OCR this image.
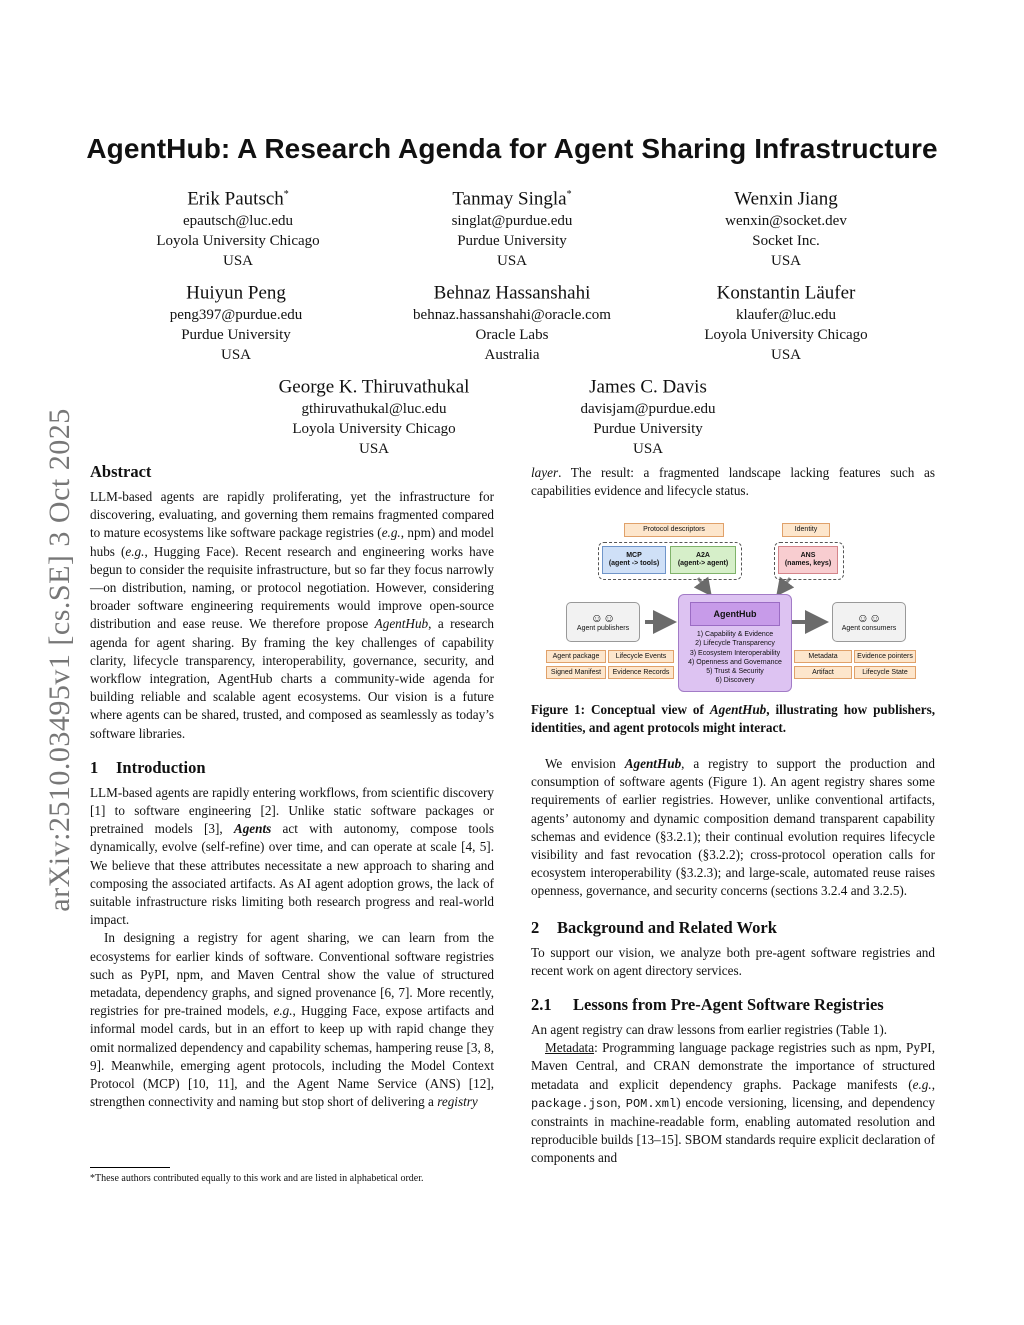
arXiv:2510.03495v1 [cs.SE] 3 Oct 2025
AgentHub: A Research Agenda for Agent Sharing Infrastructure
Erik Pautsch*
epautsch@luc.edu
Loyola University Chicago
USA
Tanmay Singla*
singlat@purdue.edu
Purdue University
USA
Wenxin Jiang
wenxin@socket.dev
Socket Inc.
USA
Huiyun Peng
peng397@purdue.edu
Purdue University
USA
Behnaz Hassanshahi
behnaz.hassanshahi@oracle.com
Oracle Labs
Australia
Konstantin Läufer
klaufer@luc.edu
Loyola University Chicago
USA
George K. Thiruvathukal
gthiruvathukal@luc.edu
Loyola University Chicago
USA
James C. Davis
davisjam@purdue.edu
Purdue University
USA
Abstract

LLM-based agents are rapidly proliferating, yet the infrastructure for discovering, evaluating, and governing them remains fragmented compared to mature ecosystems like software package registries (e.g., npm) and model hubs (e.g., Hugging Face). Recent research and engineering works have begun to consider the requisite infrastructure, but so far they focus narrowly—on distribution, naming, or protocol negotiation. However, considering broader software engineering requirements would improve open-source distribution and ease reuse. We therefore propose AgentHub, a research agenda for agent sharing. By framing the key challenges of capability clarity, lifecycle transparency, interoperability, governance, security, and workflow integration, AgentHub charts a community-wide agenda for building reliable and scalable agent ecosystems. Our vision is a future where agents can be shared, trusted, and composed as seamlessly as today’s software libraries.

1 Introduction

LLM-based agents are rapidly entering workflows, from scientific discovery [1] to software engineering [2]. Unlike static software packages or pretrained models [3], Agents act with autonomy, compose tools dynamically, evolve (self-refine) over time, and can operate at scale [4, 5]. We believe that these attributes necessitate a new approach to sharing and composing the associated artifacts. As AI agent adoption grows, the lack of suitable infrastructure risks limiting both research progress and real-world impact.

In designing a registry for agent sharing, we can learn from the ecosystems for earlier kinds of software. Conventional software registries such as PyPI, npm, and Maven Central show the value of structured metadata, dependency graphs, and signed provenance [6, 7]. More recently, registries for pre-trained models, e.g., Hugging Face, expose artifacts and informal model cards, but in an effort to keep up with rapid change they omit normalized dependency and capability schemas, hampering reuse [3, 8, 9]. Meanwhile, emerging agent protocols, including the Model Context Protocol (MCP) [10, 11], and the Agent Name Service (ANS) [12], strengthen connectivity and naming but stop short of delivering a registry

*These authors contributed equally to this work and are listed in alphabetical order.

layer. The result: a fragmented landscape lacking features such as capabilities evidence and lifecycle status.

Protocol descriptors	Identity
MCP
(agent -> tools)
A2A
(agent-> agent)
ANS
(names, keys)
☺☺
Agent publishers
AgentHub
1) Capability & Evidence
2) Lifecycle Transparency
3) Ecosystem Interoperability
4) Openness and Governance
5) Trust & Security
6) Discovery
☺☺
Agent consumers
Agent package	Lifecycle Events
Signed Manifest	Evidence Records
Metadata	Evidence pointers
Artifact	Lifecycle State
Figure 1: Conceptual view of AgentHub, illustrating how publishers, identities, and agent protocols might interact.

We envision AgentHub, a registry to support the production and consumption of software agents (Figure 1). An agent registry shares some requirements of earlier registries. However, unlike conventional artifacts, agents’ autonomy and dynamic composition demand transparent capability schemas and evidence (§3.2.1); their continual evolution requires lifecycle visibility and fast revocation (§3.2.2); cross-protocol operation calls for ecosystem interoperability (§3.2.3); and large-scale, automated reuse raises openness, governance, and security concerns (sections 3.2.4 and 3.2.5).

2 Background and Related Work

To support our vision, we analyze both pre-agent software registries and recent work on agent directory services.

2.1 Lessons from Pre-Agent Software Registries

An agent registry can draw lessons from earlier registries (Table 1).

Metadata: Programming language package registries such as npm, PyPI, Maven Central, and CRAN demonstrate the importance of structured metadata and explicit dependency graphs. Package manifests (e.g., package.json, POM.xml) encode versioning, licensing, and dependency constraints in machine-readable form, enabling automated resolution and reproducible builds [13–15]. SBOM standards require explicit declaration of components and
